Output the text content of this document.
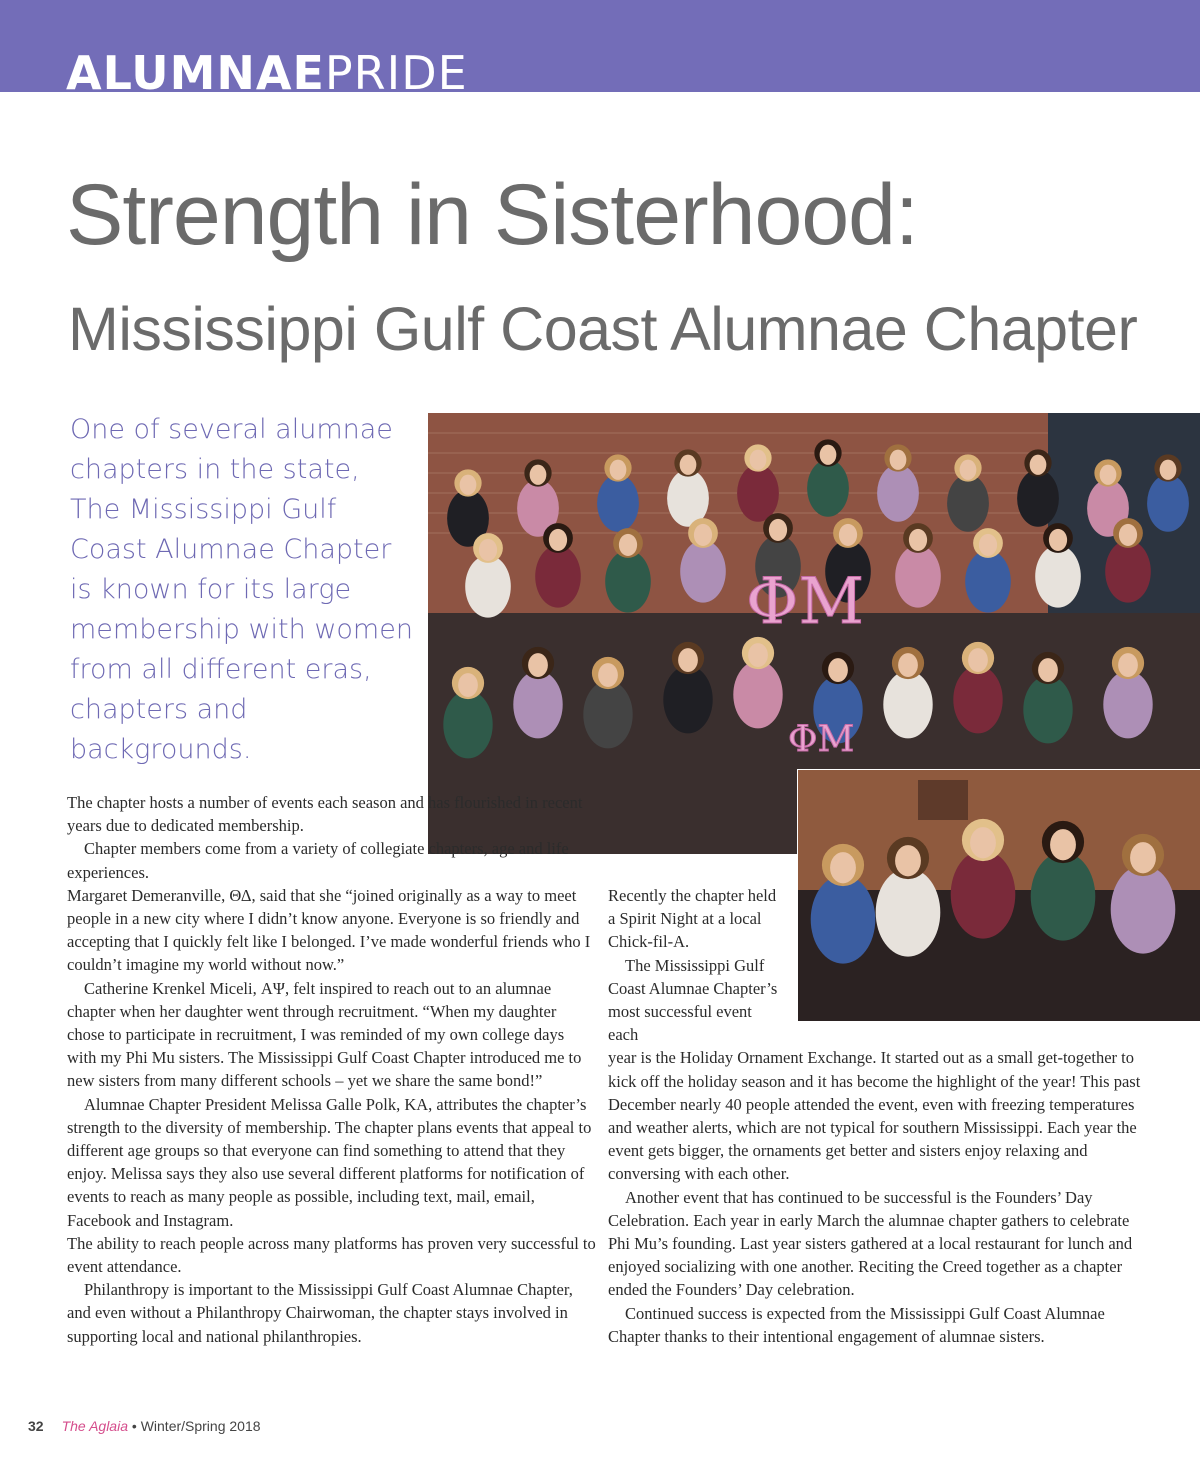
ALUMNAEPRIDE
Strength in Sisterhood:
Mississippi Gulf Coast Alumnae Chapter
One of several alumnae chapters in the state, The Mississippi Gulf Coast Alumnae Chapter is known for its large membership with women from all different eras, chapters and backgrounds.
ΦM
ΦM

The chapter hosts a number of events each season and has flourished in recent years due to dedicated membership.

Chapter members come from a variety of collegiate chapters, age and life experiences.

Margaret Demeranville, ΘΔ, said that she “joined originally as a way to meet people in a new city where I didn’t know anyone. Everyone is so friendly and accepting that I quickly felt like I belonged. I’ve made wonderful friends who I couldn’t imagine my world without now.”

Catherine Krenkel Miceli, ΑΨ, felt inspired to reach out to an alumnae chapter when her daughter went through recruitment. “When my daughter chose to participate in recruitment, I was reminded of my own college days with my Phi Mu sisters. The Mississippi Gulf Coast Chapter introduced me to new sisters from many different schools – yet we share the same bond!”

Alumnae Chapter President Melissa Galle Polk, KA, attributes the chapter’s strength to the diversity of membership. The chapter plans events that appeal to different age groups so that everyone can find something to attend that they enjoy. Melissa says they also use several different platforms for notification of events to reach as many people as possible, including text, mail, email, Facebook and Instagram.

The ability to reach people across many platforms has proven very successful to event attendance.

Philanthropy is important to the Mississippi Gulf Coast Alumnae Chapter, and even without a Philanthropy Chairwoman, the chapter stays involved in supporting local and national philanthropies.

Recently the chapter held a Spirit Night at a local Chick-fil-A.

The Mississippi Gulf Coast Alumnae Chapter’s most successful event each

year is the Holiday Ornament Exchange. It started out as a small get-together to kick off the holiday season and it has become the highlight of the year! This past December nearly 40 people attended the event, even with freezing temperatures and weather alerts, which are not typical for southern Mississippi. Each year the event gets bigger, the ornaments get better and sisters enjoy relaxing and conversing with each other.

Another event that has continued to be successful is the Founders’ Day Celebration. Each year in early March the alumnae chapter gathers to celebrate Phi Mu’s founding. Last year sisters gathered at a local restaurant for lunch and enjoyed socializing with one another. Reciting the Creed together as a chapter ended the Founders’ Day celebration.

Continued success is expected from the Mississippi Gulf Coast Alumnae Chapter thanks to their intentional engagement of alumnae sisters.

32 The Aglaia • Winter/Spring 2018
